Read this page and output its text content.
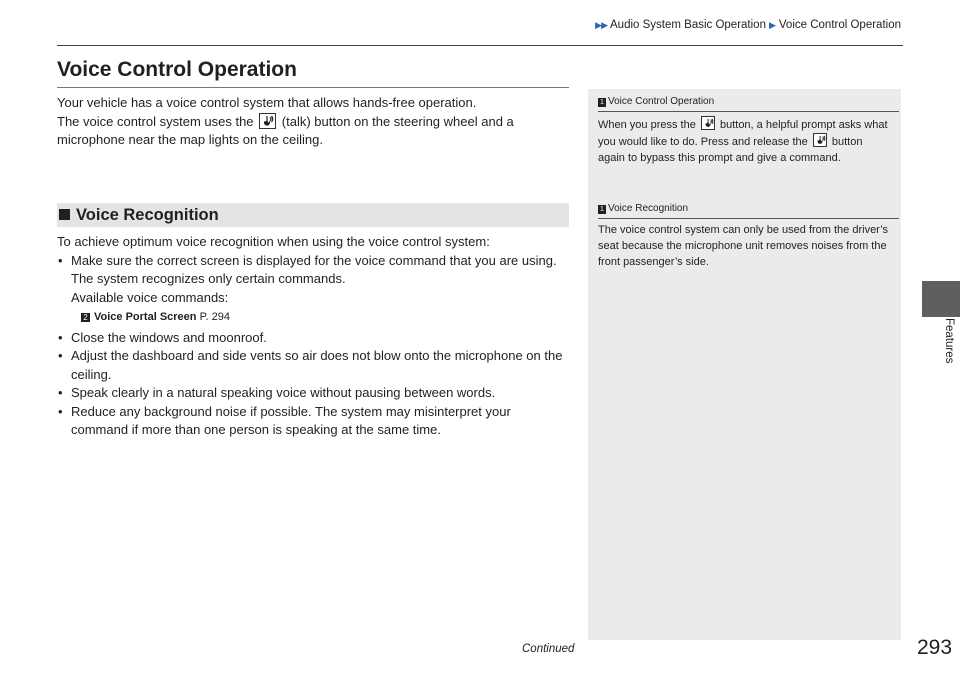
▶▶ Audio System Basic Operation ▶ Voice Control Operation
Features
Voice Control Operation

Your vehicle has a voice control system that allows hands-free operation.
The voice control system uses the (talk) button on the steering wheel and a microphone near the map lights on the ceiling.

Voice Recognition
To achieve optimum voice recognition when using the voice control system:
• Make sure the correct screen is displayed for the voice command that you are using.
The system recognizes only certain commands.
Available voice commands:
2 Voice Portal Screen P. 294
• Close the windows and moonroof.
• Adjust the dashboard and side vents so air does not blow onto the microphone on the ceiling.
• Speak clearly in a natural speaking voice without pausing between words.
• Reduce any background noise if possible. The system may misinterpret your command if more than one person is speaking at the same time.
1 Voice Control Operation

When you press the button, a helpful prompt asks what you would like to do. Press and release the button again to bypass this prompt and give a command.

1 Voice Recognition

The voice control system can only be used from the driver’s seat because the microphone unit removes noises from the front passenger’s side.

Continued	293
